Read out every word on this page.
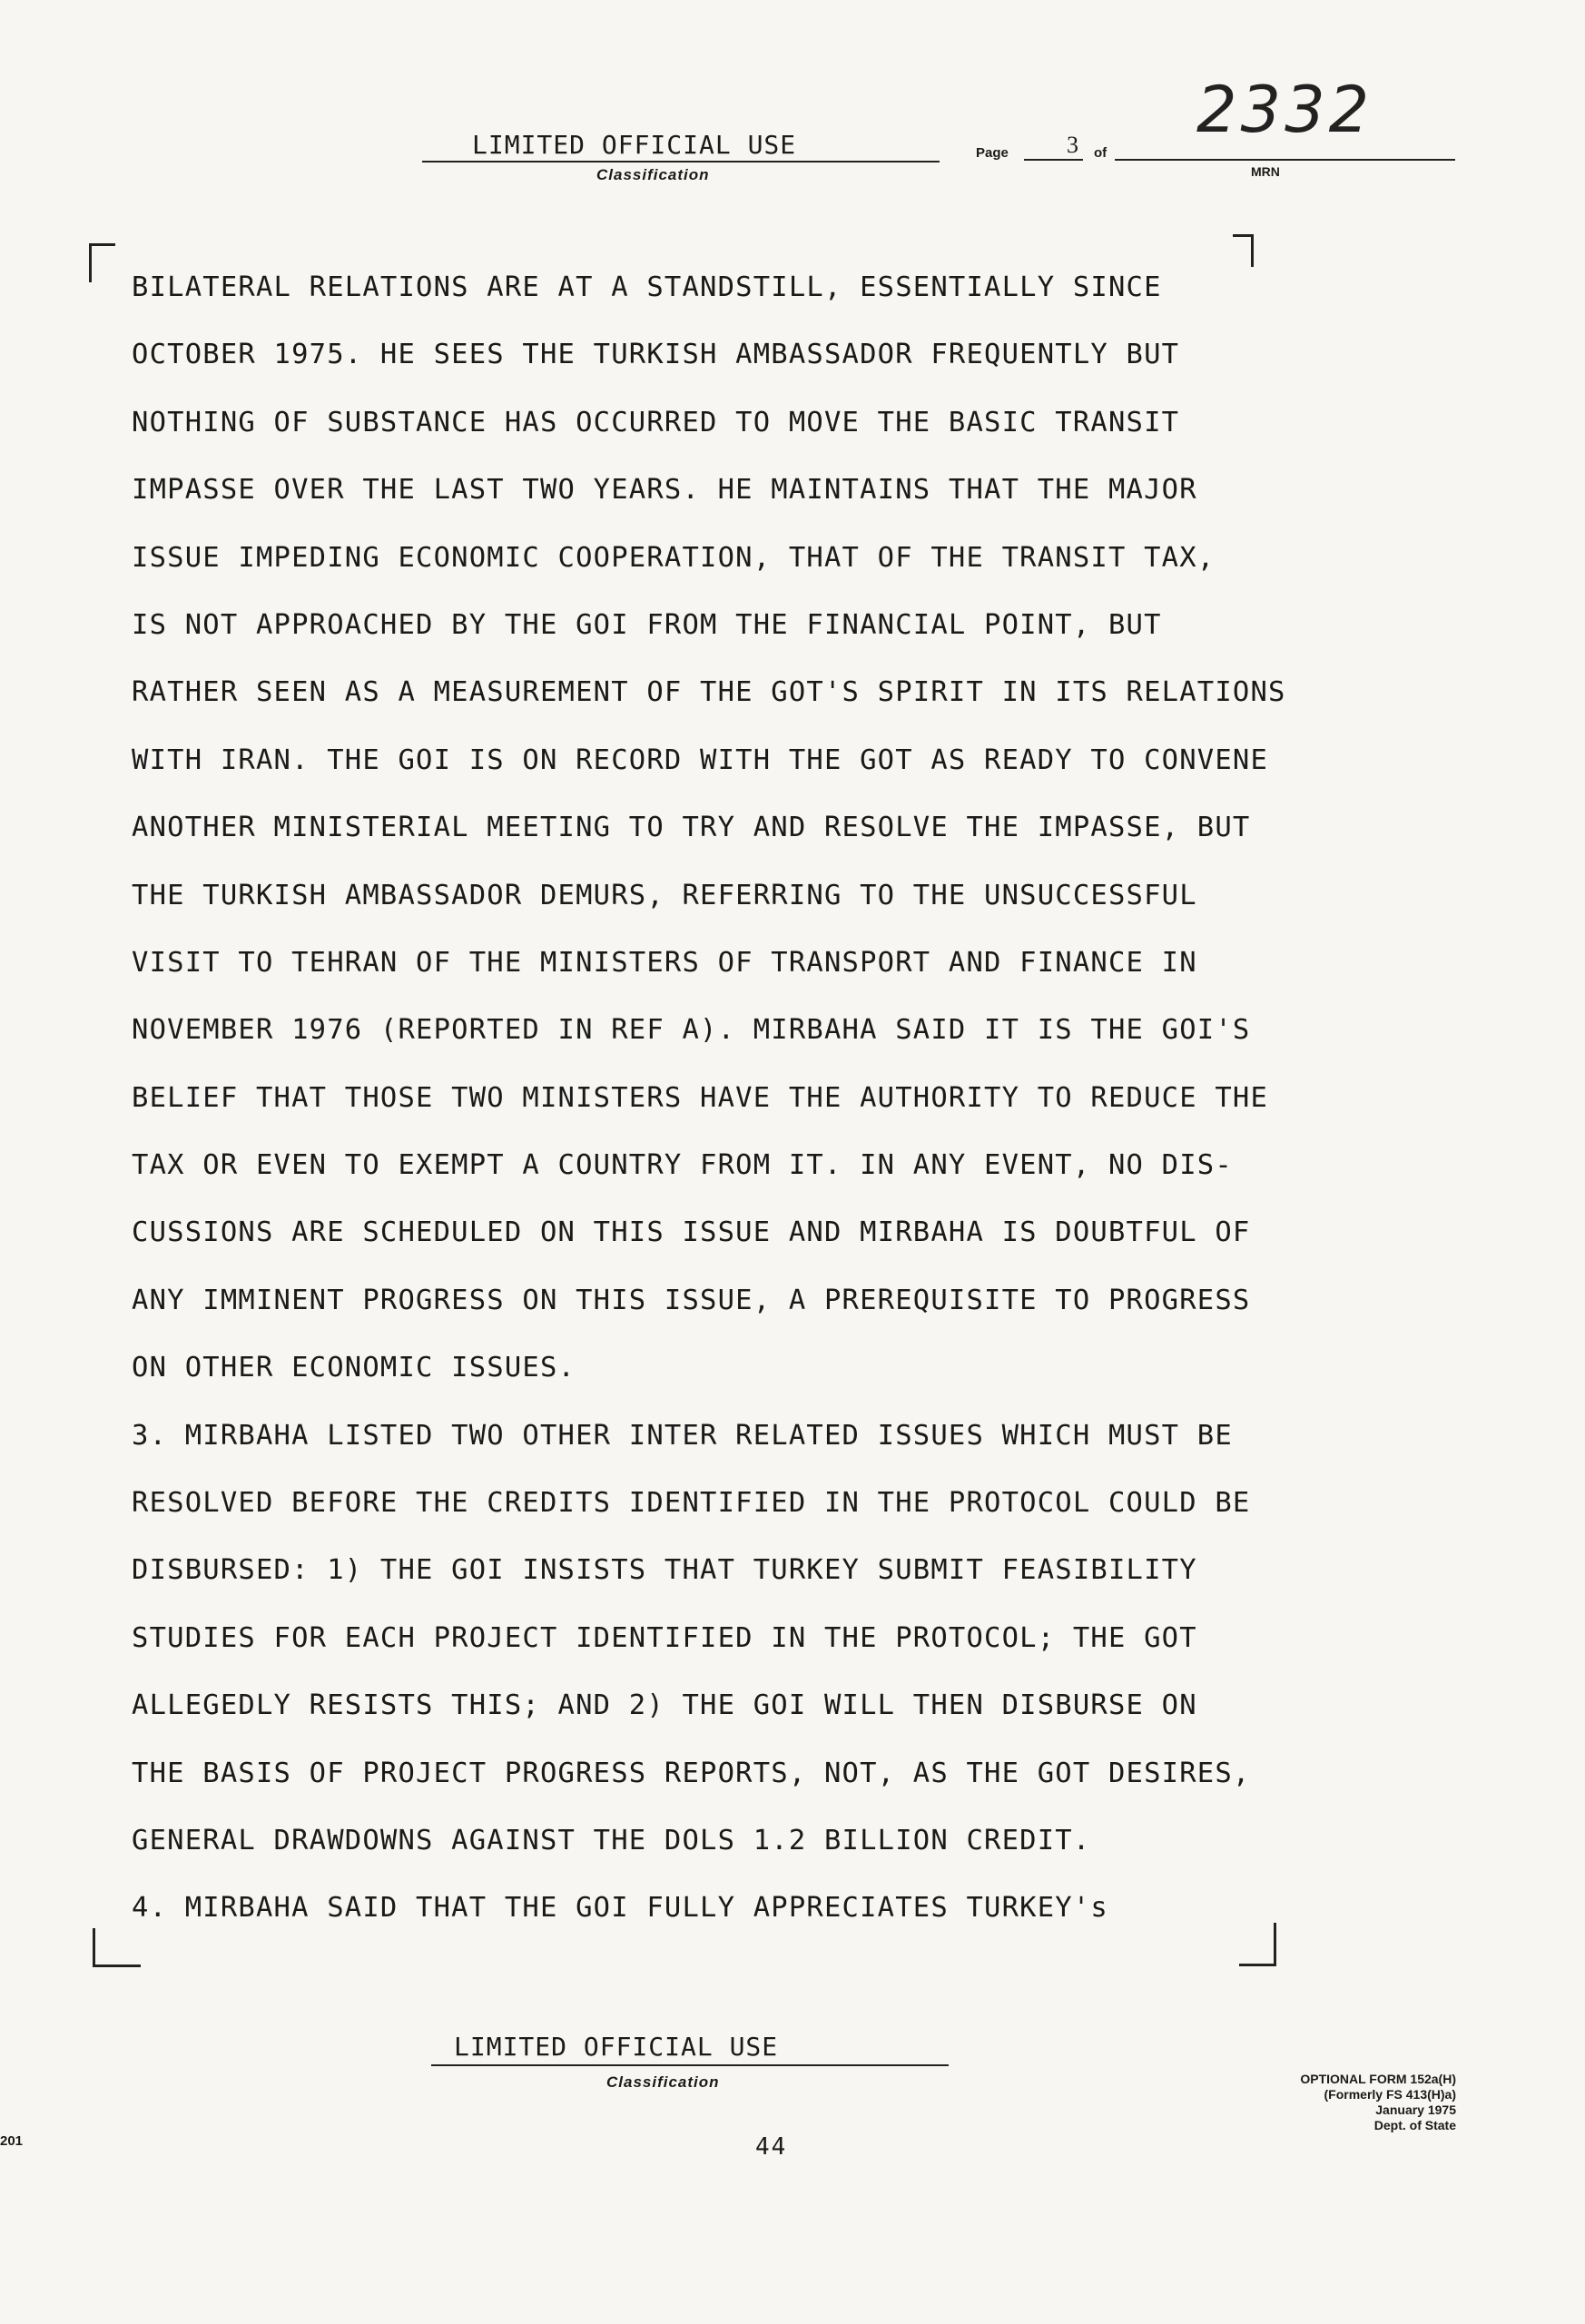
LIMITED OFFICIAL USE
Classification
Page 3 of
2332
MRN
BILATERAL RELATIONS ARE AT A STANDSTILL, ESSENTIALLY SINCE
OCTOBER 1975. HE SEES THE TURKISH AMBASSADOR FREQUENTLY BUT
NOTHING OF SUBSTANCE HAS OCCURRED TO MOVE THE BASIC TRANSIT
IMPASSE OVER THE LAST TWO YEARS. HE MAINTAINS THAT THE MAJOR
ISSUE IMPEDING ECONOMIC COOPERATION, THAT OF THE TRANSIT TAX,
IS NOT APPROACHED BY THE GOI FROM THE FINANCIAL POINT, BUT
RATHER SEEN AS A MEASUREMENT OF THE GOT'S SPIRIT IN ITS RELATIONS
WITH IRAN. THE GOI IS ON RECORD WITH THE GOT AS READY TO CONVENE
ANOTHER MINISTERIAL MEETING TO TRY AND RESOLVE THE IMPASSE, BUT
THE TURKISH AMBASSADOR DEMURS, REFERRING TO THE UNSUCCESSFUL
VISIT TO TEHRAN OF THE MINISTERS OF TRANSPORT AND FINANCE IN
NOVEMBER 1976 (REPORTED IN REF A). MIRBAHA SAID IT IS THE GOI'S
BELIEF THAT THOSE TWO MINISTERS HAVE THE AUTHORITY TO REDUCE THE
TAX OR EVEN TO EXEMPT A COUNTRY FROM IT. IN ANY EVENT, NO DIS-
CUSSIONS ARE SCHEDULED ON THIS ISSUE AND MIRBAHA IS DOUBTFUL OF
ANY IMMINENT PROGRESS ON THIS ISSUE, A PREREQUISITE TO PROGRESS
ON OTHER ECONOMIC ISSUES.
3. MIRBAHA LISTED TWO OTHER INTER RELATED ISSUES WHICH MUST BE
RESOLVED BEFORE THE CREDITS IDENTIFIED IN THE PROTOCOL COULD BE
DISBURSED: 1) THE GOI INSISTS THAT TURKEY SUBMIT FEASIBILITY
STUDIES FOR EACH PROJECT IDENTIFIED IN THE PROTOCOL; THE GOT
ALLEGEDLY RESISTS THIS; AND 2) THE GOI WILL THEN DISBURSE ON
THE BASIS OF PROJECT PROGRESS REPORTS, NOT, AS THE GOT DESIRES,
GENERAL DRAWDOWNS AGAINST THE DOLS 1.2 BILLION CREDIT.
4. MIRBAHA SAID THAT THE GOI FULLY APPRECIATES TURKEY's
LIMITED OFFICIAL USE
Classification	OPTIONAL FORM 152a(H)
(Formerly FS 413(H)a)
January 1975
Dept. of State
44
201
